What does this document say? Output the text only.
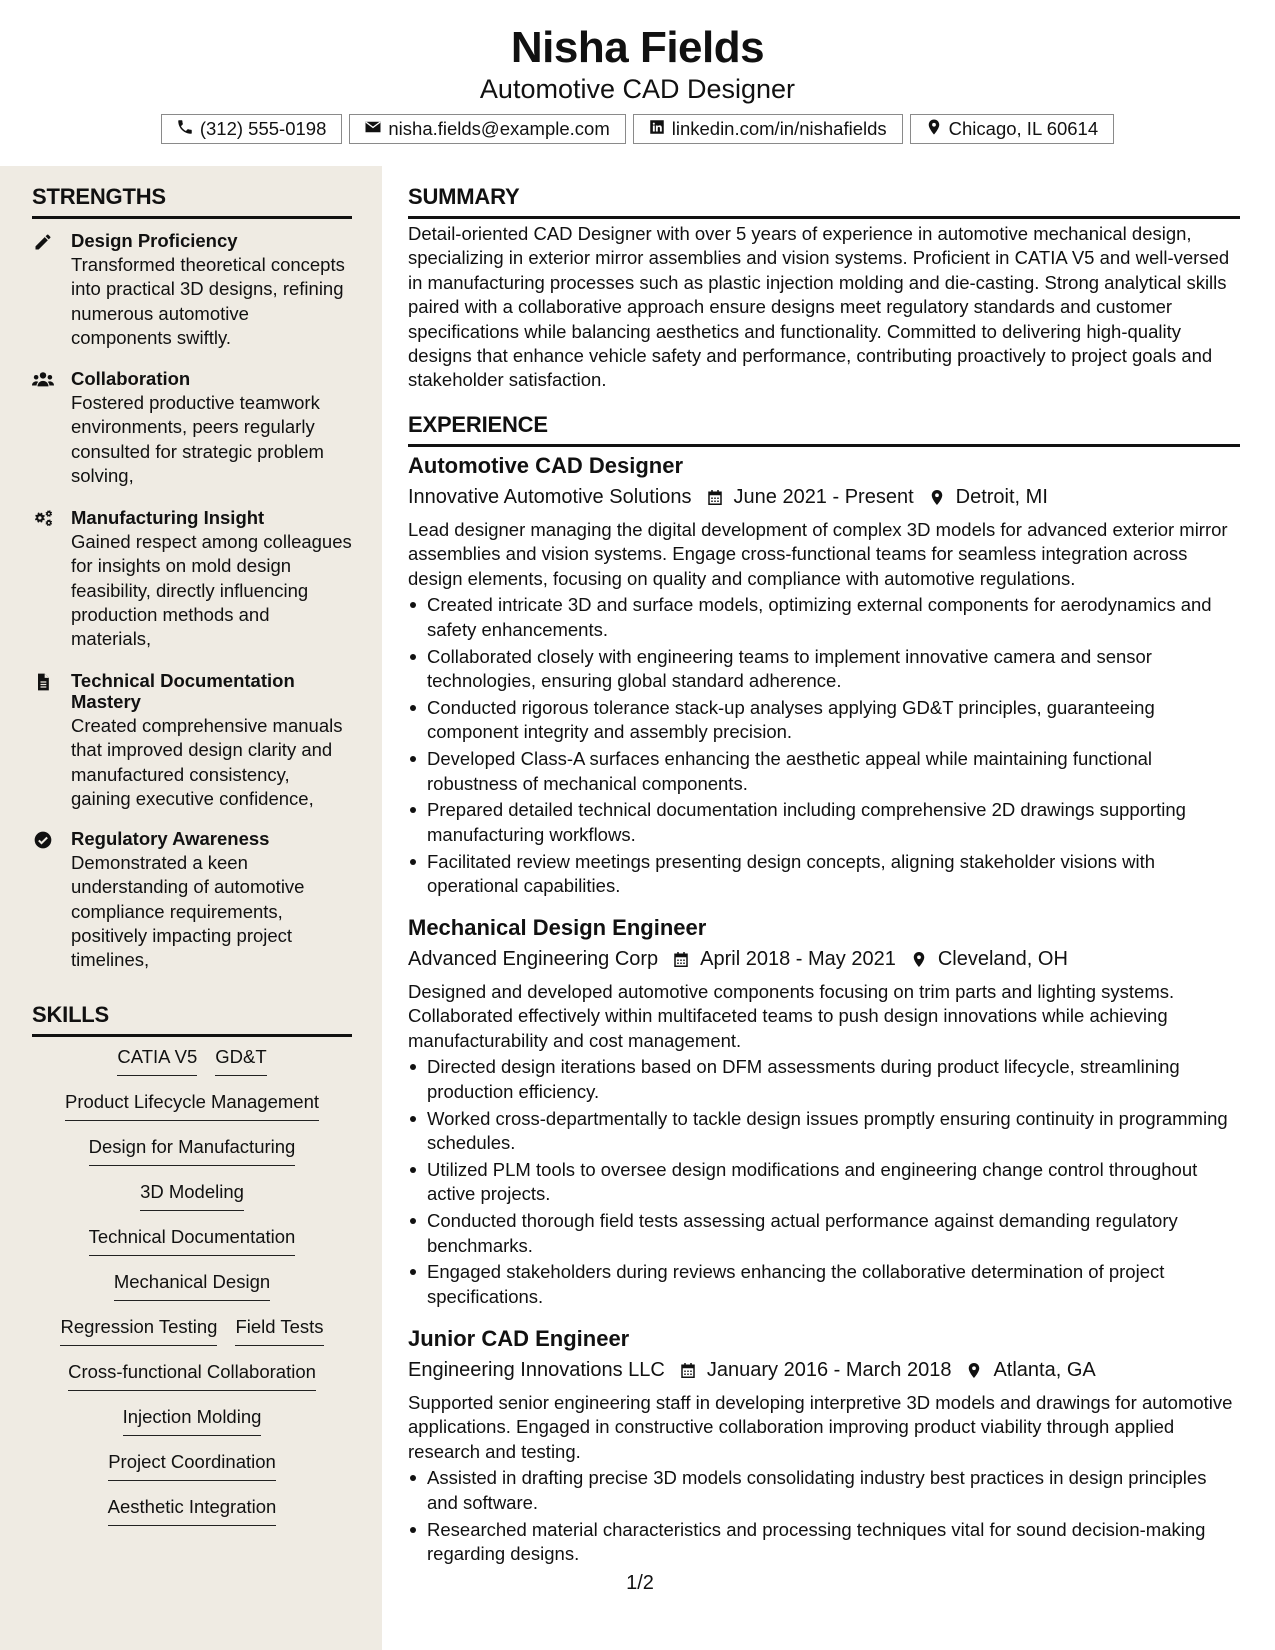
Nisha Fields
Automotive CAD Designer
(312) 555-0198	nisha.fields@example.com	linkedin.com/in/nishafields	Chicago, IL 60614
STRENGTHS
Design Proficiency
Transformed theoretical concepts into practical 3D designs, refining numerous automotive components swiftly.
Collaboration
Fostered productive teamwork environments, peers regularly consulted for strategic problem solving,
Manufacturing Insight
Gained respect among colleagues for insights on mold design feasibility, directly influencing production methods and materials,
Technical Documentation Mastery
Created comprehensive manuals that improved design clarity and manufactured consistency, gaining executive confidence,
Regulatory Awareness
Demonstrated a keen understanding of automotive compliance requirements, positively impacting project timelines,
SKILLS
CATIA V5 GD&T
Product Lifecycle Management
Design for Manufacturing
3D Modeling
Technical Documentation
Mechanical Design
Regression Testing Field Tests
Cross-functional Collaboration
Injection Molding
Project Coordination
Aesthetic Integration
SUMMARY
Detail-oriented CAD Designer with over 5 years of experience in automotive mechanical design, specializing in exterior mirror assemblies and vision systems. Proficient in CATIA V5 and well-versed in manufacturing processes such as plastic injection molding and die-casting. Strong analytical skills paired with a collaborative approach ensure designs meet regulatory standards and customer specifications while balancing aesthetics and functionality. Committed to delivering high-quality designs that enhance vehicle safety and performance, contributing proactively to project goals and stakeholder satisfaction.
EXPERIENCE
Automotive CAD Designer
Innovative Automotive Solutions June 2021 - Present Detroit, MI
Lead designer managing the digital development of complex 3D models for advanced exterior mirror assemblies and vision systems. Engage cross-functional teams for seamless integration across design elements, focusing on quality and compliance with automotive regulations.
Created intricate 3D and surface models, optimizing external components for aerodynamics and safety enhancements.
Collaborated closely with engineering teams to implement innovative camera and sensor technologies, ensuring global standard adherence.
Conducted rigorous tolerance stack-up analyses applying GD&T principles, guaranteeing component integrity and assembly precision.
Developed Class-A surfaces enhancing the aesthetic appeal while maintaining functional robustness of mechanical components.
Prepared detailed technical documentation including comprehensive 2D drawings supporting manufacturing workflows.
Facilitated review meetings presenting design concepts, aligning stakeholder visions with operational capabilities.
Mechanical Design Engineer
Advanced Engineering Corp April 2018 - May 2021 Cleveland, OH
Designed and developed automotive components focusing on trim parts and lighting systems. Collaborated effectively within multifaceted teams to push design innovations while achieving manufacturability and cost management.
Directed design iterations based on DFM assessments during product lifecycle, streamlining production efficiency.
Worked cross-departmentally to tackle design issues promptly ensuring continuity in programming schedules.
Utilized PLM tools to oversee design modifications and engineering change control throughout active projects.
Conducted thorough field tests assessing actual performance against demanding regulatory benchmarks.
Engaged stakeholders during reviews enhancing the collaborative determination of project specifications.
Junior CAD Engineer
Engineering Innovations LLC January 2016 - March 2018 Atlanta, GA
Supported senior engineering staff in developing interpretive 3D models and drawings for automotive applications. Engaged in constructive collaboration improving product viability through applied research and testing.
Assisted in drafting precise 3D models consolidating industry best practices in design principles and software.
Researched material characteristics and processing techniques vital for sound decision-making regarding designs.
1/2
